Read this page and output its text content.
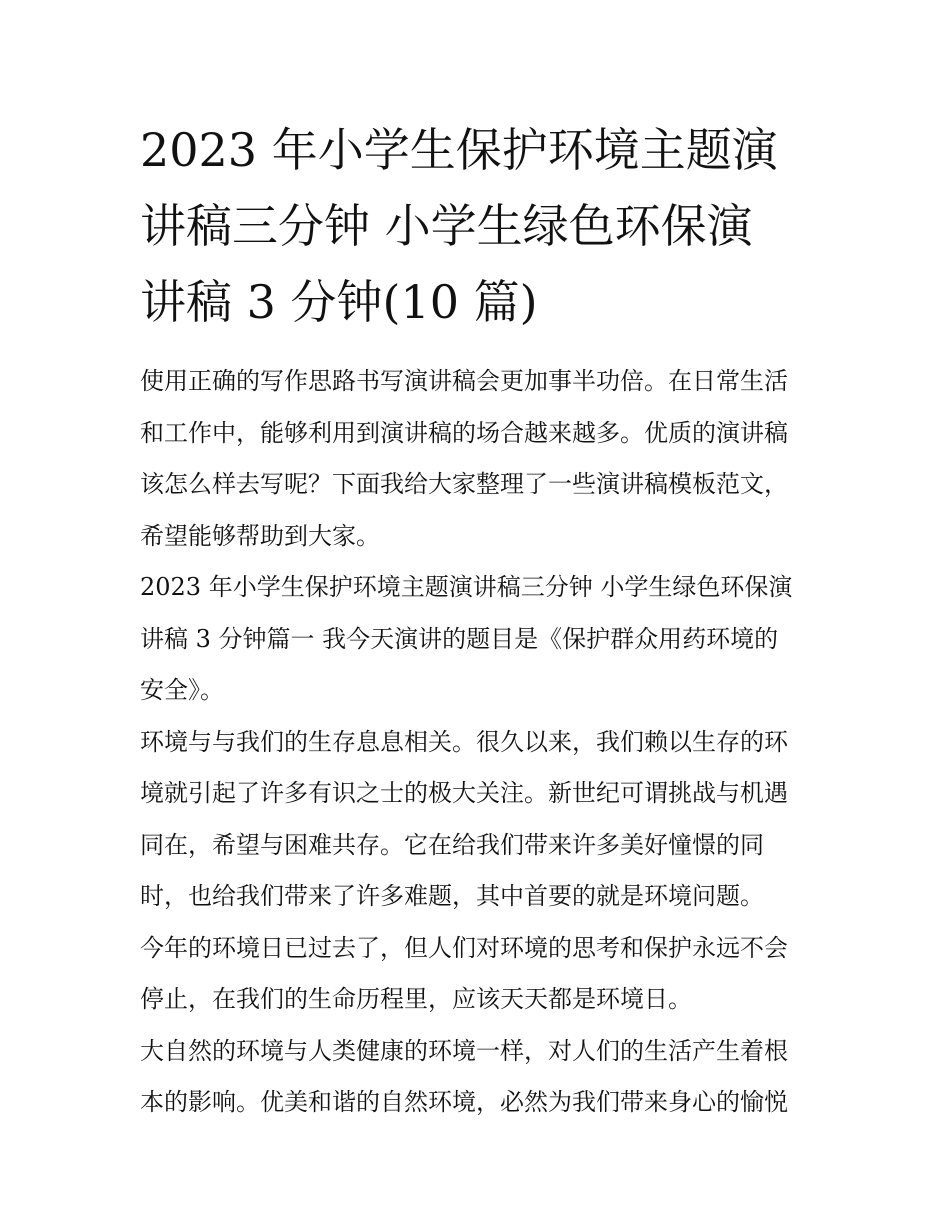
2023 年小学生保护环境主题演
讲稿三分钟 小学生绿色环保演
讲稿 3 分钟(10 篇)

使用正确的写作思路书写演讲稿会更加事半功倍。在日常生活
和工作中，能够利用到演讲稿的场合越来越多。优质的演讲稿
该怎么样去写呢？下面我给大家整理了一些演讲稿模板范文，
希望能够帮助到大家。

2023 年小学生保护环境主题演讲稿三分钟 小学生绿色环保演
讲稿 3 分钟篇一 我今天演讲的题目是《保护群众用药环境的
安全》。

环境与与我们的生存息息相关。很久以来，我们赖以生存的环
境就引起了许多有识之士的极大关注。新世纪可谓挑战与机遇
同在，希望与困难共存。它在给我们带来许多美好憧憬的同
时，也给我们带来了许多难题，其中首要的就是环境问题。

今年的环境日已过去了，但人们对环境的思考和保护永远不会
停止，在我们的生命历程里，应该天天都是环境日。

大自然的环境与人类健康的环境一样，对人们的生活产生着根
本的影响。优美和谐的自然环境，必然为我们带来身心的愉悦
